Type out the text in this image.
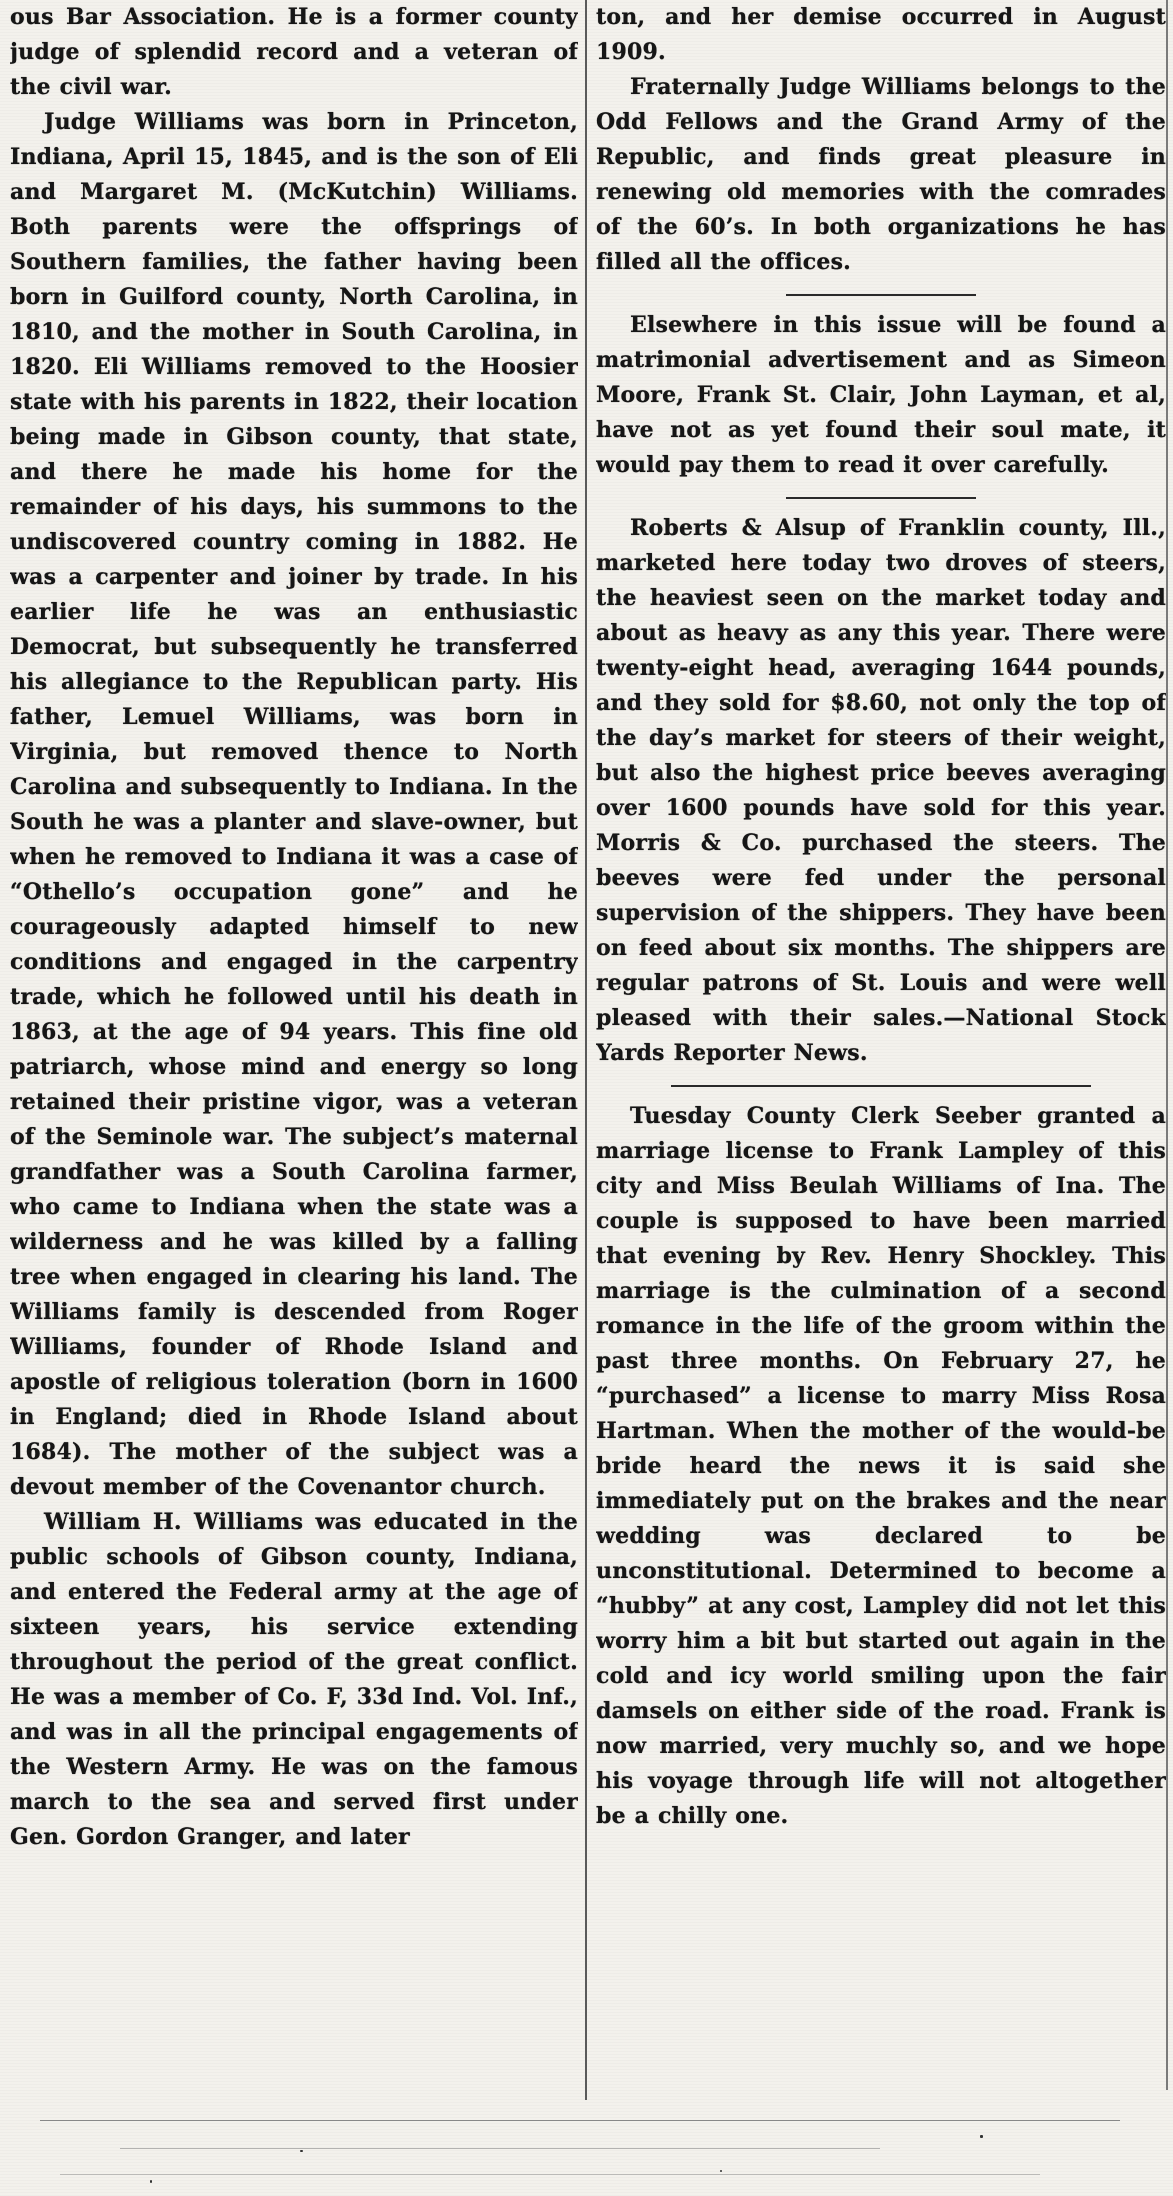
ous Bar Association. He is a former county judge of splendid record and a veteran of the civil war.

Judge Williams was born in Princeton, Indiana, April 15, 1845, and is the son of Eli and Margaret M. (McKutchin) Williams. Both parents were the offsprings of Southern families, the father having been born in Guilford county, North Carolina, in 1810, and the mother in South Carolina, in 1820. Eli Williams removed to the Hoosier state with his parents in 1822, their location being made in Gibson county, that state, and there he made his home for the remainder of his days, his summons to the undiscovered country coming in 1882. He was a carpenter and joiner by trade. In his earlier life he was an enthusiastic Democrat, but subsequently he transferred his allegiance to the Republican party. His father, Lemuel Williams, was born in Virginia, but removed thence to North Carolina and subsequently to Indiana. In the South he was a planter and slave-owner, but when he removed to Indiana it was a case of “Othello’s occupation gone” and he courageously adapted himself to new conditions and engaged in the carpentry trade, which he followed until his death in 1863, at the age of 94 years. This fine old patriarch, whose mind and energy so long retained their pristine vigor, was a veteran of the Seminole war. The subject’s maternal grandfather was a South Carolina farmer, who came to Indiana when the state was a wilderness and he was killed by a falling tree when engaged in clearing his land. The Williams family is descended from Roger Williams, founder of Rhode Island and apostle of religious toleration (born in 1600 in England; died in Rhode Island about 1684). The mother of the subject was a devout member of the Covenantor church.

William H. Williams was educated in the public schools of Gibson county, Indiana, and entered the Federal army at the age of sixteen years, his service extending throughout the period of the great conflict. He was a member of Co. F, 33d Ind. Vol. Inf., and was in all the principal engagements of the Western Army. He was on the famous march to the sea and served first under Gen. Gordon Granger, and later

ton, and her demise occurred in August 1909.

Fraternally Judge Williams belongs to the Odd Fellows and the Grand Army of the Republic, and finds great pleasure in renewing old memories with the comrades of the 60’s. In both organizations he has filled all the offices.

Elsewhere in this issue will be found a matrimonial advertisement and as Simeon Moore, Frank St. Clair, John Layman, et al, have not as yet found their soul mate, it would pay them to read it over carefully.

Roberts & Alsup of Franklin county, Ill., marketed here today two droves of steers, the heaviest seen on the market today and about as heavy as any this year. There were twenty-eight head, averaging 1644 pounds, and they sold for $8.60, not only the top of the day’s market for steers of their weight, but also the highest price beeves averaging over 1600 pounds have sold for this year. Morris & Co. purchased the steers. The beeves were fed under the personal supervision of the shippers. They have been on feed about six months. The shippers are regular patrons of St. Louis and were well pleased with their sales.—National Stock Yards Reporter News.

Tuesday County Clerk Seeber granted a marriage license to Frank Lampley of this city and Miss Beulah Williams of Ina. The couple is supposed to have been married that evening by Rev. Henry Shockley. This marriage is the culmination of a second romance in the life of the groom within the past three months. On February 27, he “purchased” a license to marry Miss Rosa Hartman. When the mother of the would-be bride heard the news it is said she immediately put on the brakes and the near wedding was declared to be unconstitutional. Determined to become a “hubby” at any cost, Lampley did not let this worry him a bit but started out again in the cold and icy world smiling upon the fair damsels on either side of the road. Frank is now married, very muchly so, and we hope his voyage through life will not altogether be a chilly one.
